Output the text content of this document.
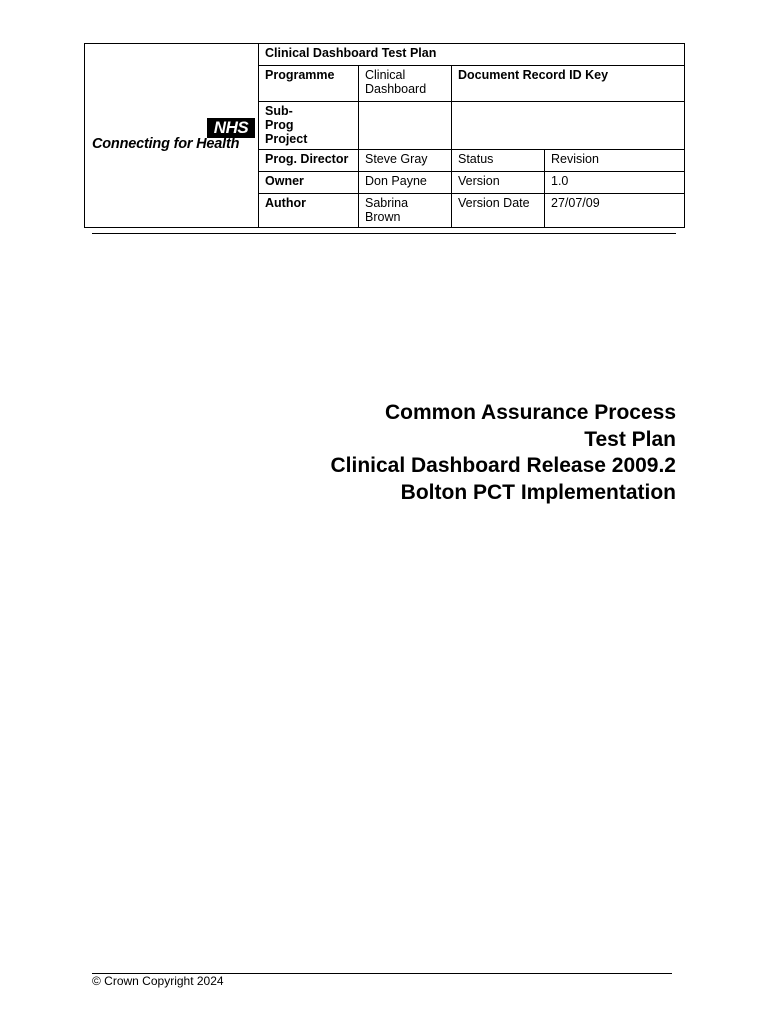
NHS
Connecting for Health	Clinical Dashboard Test Plan			
	Programme	Clinical Dashboard	Document Record ID Key	
	Sub-Prog Project			
	Prog. Director	Steve Gray	Status	Revision
	Owner	Don Payne	Version	1.0
	Author	Sabrina Brown	Version Date	27/07/09
Common Assurance Process
Test Plan
Clinical Dashboard Release 2009.2
Bolton PCT Implementation
© Crown Copyright 2024
